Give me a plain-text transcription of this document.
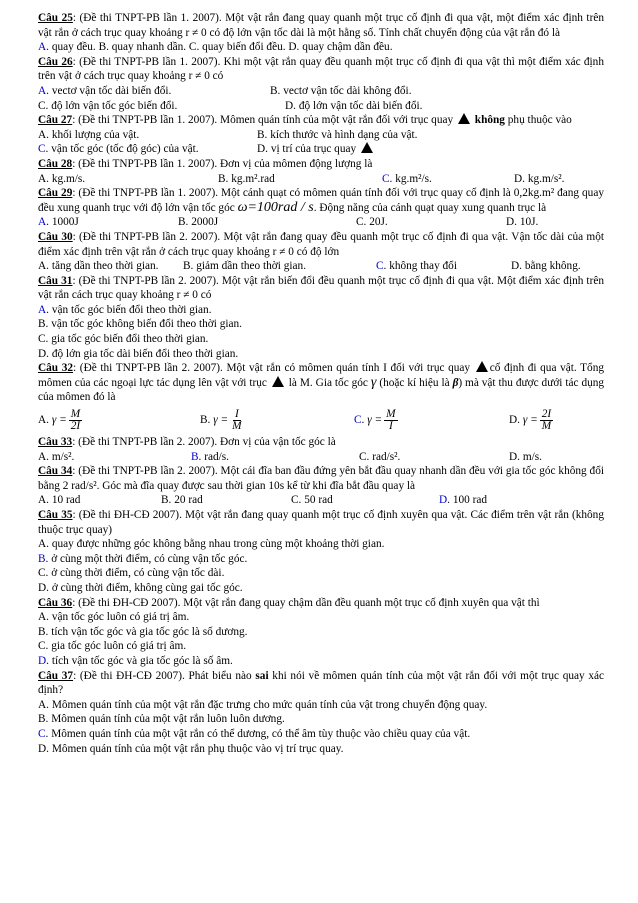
Câu 25: (Đề thi TNPT-PB lần 1. 2007). Một vật rắn đang quay quanh một trục cố định đi qua vật, một điểm xác định trên vật rắn ở cách trục quay khoảng r ≠ 0 có độ lớn vận tốc dài là một hằng số. Tính chất chuyển động của vật rắn đó là

A. quay đều. B. quay nhanh dần. C. quay biến đổi đều. D. quay chậm dần đều.

Câu 26: (Đề thi TNPT-PB lần 1. 2007). Khi một vật rắn quay đều quanh một trục cố định đi qua vật thì một điểm xác định trên vật ở cách trục quay khoảng r ≠ 0 có

A. vectơ vận tốc dài biến đổi.	B. vectơ vận tốc dài không đổi.
C. độ lớn vận tốc góc biến đổi.	D. độ lớn vận tốc dài biến đổi.

Câu 27: (Đề thi TNPT-PB lần 1. 2007). Mômen quán tính của một vật rắn đối với trục quay không phụ thuộc vào

A. khối lượng của vật.	B. kích thước và hình dạng của vật.
C. vận tốc góc (tốc độ góc) của vật.	D. vị trí của trục quay

Câu 28: (Đề thi TNPT-PB lần 1. 2007). Đơn vị của mômen động lượng là

A. kg.m/s.	B. kg.m².rad	C. kg.m²/s.	D. kg.m/s².

Câu 29: (Đề thi TNPT-PB lần 1. 2007). Một cánh quạt có mômen quán tính đối với trục quay cố định là 0,2kg.m² đang quay đều xung quanh trục với độ lớn vận tốc góc ω=100rad / s. Động năng của cánh quạt quay xung quanh trục là

A. 1000J	B. 2000J	C. 20J.	D. 10J.

Câu 30: (Đề thi TNPT-PB lần 2. 2007). Một vật rắn đang quay đều quanh một trục cố định đi qua vật. Vận tốc dài của một điểm xác định trên vật rắn ở cách trục quay khoảng r ≠ 0 có độ lớn

A. tăng dần theo thời gian.	B. giảm dần theo thời gian.	C. không thay đổi	D. bằng không.

Câu 31: (Đề thi TNPT-PB lần 2. 2007). Một vật rắn biến đổi đều quanh một trục cố định đi qua vật. Một điểm xác định trên vật rắn cách trục quay khoảng r ≠ 0 có

A. vận tốc góc biến đổi theo thời gian.

B. vận tốc góc không biến đổi theo thời gian.

C. gia tốc góc biến đổi theo thời gian.

D. độ lớn gia tốc dài biến đổi theo thời gian.

Câu 32: (Đề thi TNPT-PB lần 2. 2007). Một vật rắn có mômen quán tính I đối với trục quay cố định đi qua vật. Tổng mômen của các ngoại lực tác dụng lên vật với trục là M. Gia tốc góc γ (hoặc kí hiệu là β) mà vật thu được dưới tác dụng của mômen đó là

A. $\gamma = \frac{M}{2I}$	B. $\gamma = \frac{I}{M}$	C. $\gamma = \frac{M}{I}$	D. $\gamma = \frac{2I}{M}$

Câu 33: (Đề thi TNPT-PB lần 2. 2007). Đơn vị của vận tốc góc là

A. m/s².	B. rad/s.	C. rad/s².	D. m/s.

Câu 34: (Đề thi TNPT-PB lần 2. 2007). Một cái đĩa ban đầu đứng yên bắt đầu quay nhanh dần đều với gia tốc góc không đổi bằng 2 rad/s². Góc mà đĩa quay được sau thời gian 10s kể từ khi đĩa bắt đầu quay là

A. 10 rad	B. 20 rad	C. 50 rad	D. 100 rad

Câu 35: (Đề thi ĐH-CĐ 2007). Một vật rắn đang quay quanh một trục cố định xuyên qua vật. Các điểm trên vật rắn (không thuộc trục quay)

A. quay được những góc không bằng nhau trong cùng một khoảng thời gian.

B. ở cùng một thời điểm, có cùng vận tốc góc.

C. ở cùng thời điểm, có cùng vận tốc dài.

D. ở cùng thời điểm, không cùng gai tốc góc.

Câu 36: (Đề thi ĐH-CĐ 2007). Một vật rắn đang quay chậm dần đều quanh một trục cố định xuyên qua vật thì

A. vận tốc góc luôn có giá trị âm.

B. tích vận tốc góc và gia tốc góc là số dương.

C. gia tốc góc luôn có giá trị âm.

D. tích vận tốc góc và gia tốc góc là số âm.

Câu 37: (Đề thi ĐH-CĐ 2007). Phát biểu nào sai khi nói về mômen quán tính của một vật rắn đối với một trục quay xác định?

A. Mômen quán tính của một vật rắn đặc trưng cho mức quán tính của vật trong chuyển động quay.

B. Mômen quán tính của một vật rắn luôn luôn dương.

C. Mômen quán tính của một vật rắn có thể dương, có thể âm tùy thuộc vào chiều quay của vật.

D. Mômen quán tính của một vật rắn phụ thuộc vào vị trí trục quay.
